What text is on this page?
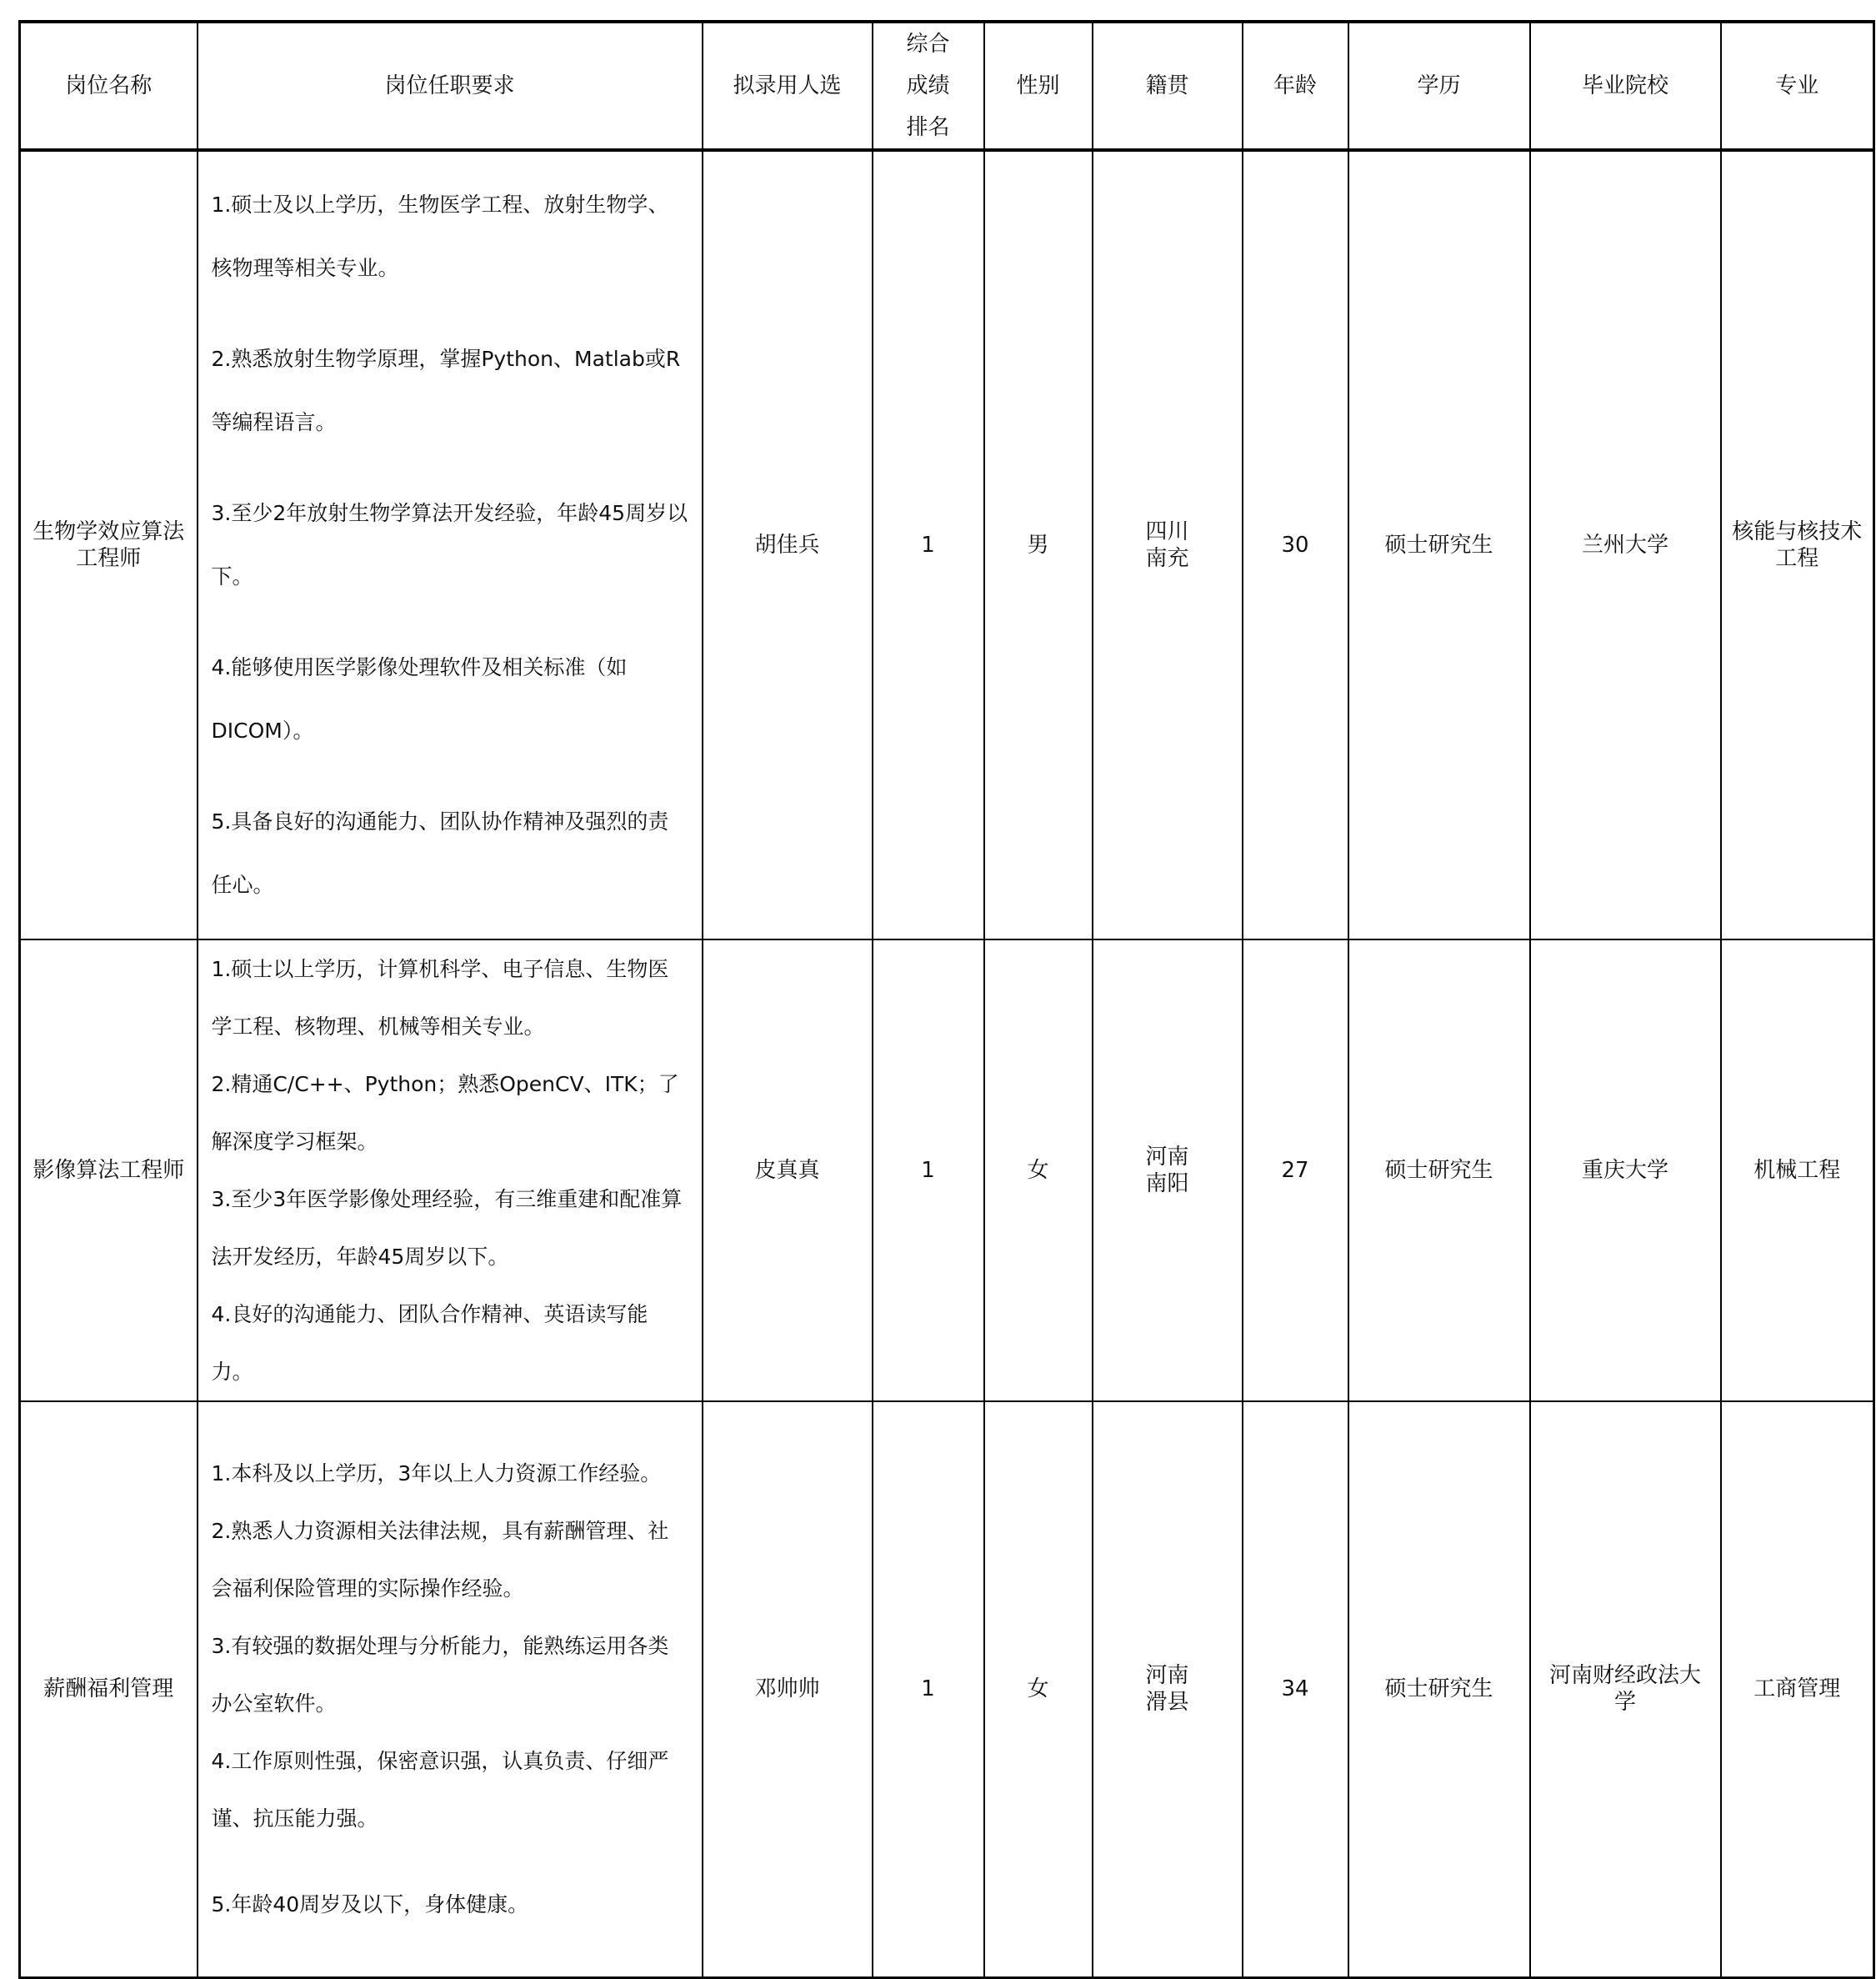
岗位名称	岗位任职要求	拟录用人选	综合成绩排名	性别	籍贯	年龄	学历	毕业院校	专业

生物学效应算法工程师	1.硕士及以上学历，生物医学工程、放射生物学、核物理等相关专业。

2.熟悉放射生物学原理，掌握Python、Matlab或R等编程语言。

3.至少2年放射生物学算法开发经验，年龄45周岁以下。

4.能够使用医学影像处理软件及相关标准（如DICOM）。

5.具备良好的沟通能力、团队协作精神及强烈的责任心。	胡佳兵	1	男	四川南充	30	硕士研究生	兰州大学	核能与核技术工程

影像算法工程师	1.硕士以上学历，计算机科学、电子信息、生物医学工程、核物理、机械等相关专业。

2.精通C/C++、Python；熟悉OpenCV、ITK；了解深度学习框架。

3.至少3年医学影像处理经验，有三维重建和配准算法开发经历，年龄45周岁以下。

4.良好的沟通能力、团队合作精神、英语读写能力。	皮真真	1	女	河南南阳	27	硕士研究生	重庆大学	机械工程

薪酬福利管理	1.本科及以上学历，3年以上人力资源工作经验。

2.熟悉人力资源相关法律法规，具有薪酬管理、社会福利保险管理的实际操作经验。

3.有较强的数据处理与分析能力，能熟练运用各类办公室软件。

4.工作原则性强，保密意识强，认真负责、仔细严谨、抗压能力强。

5.年龄40周岁及以下，身体健康。	邓帅帅	1	女	河南滑县	34	硕士研究生	河南财经政法大学	工商管理
